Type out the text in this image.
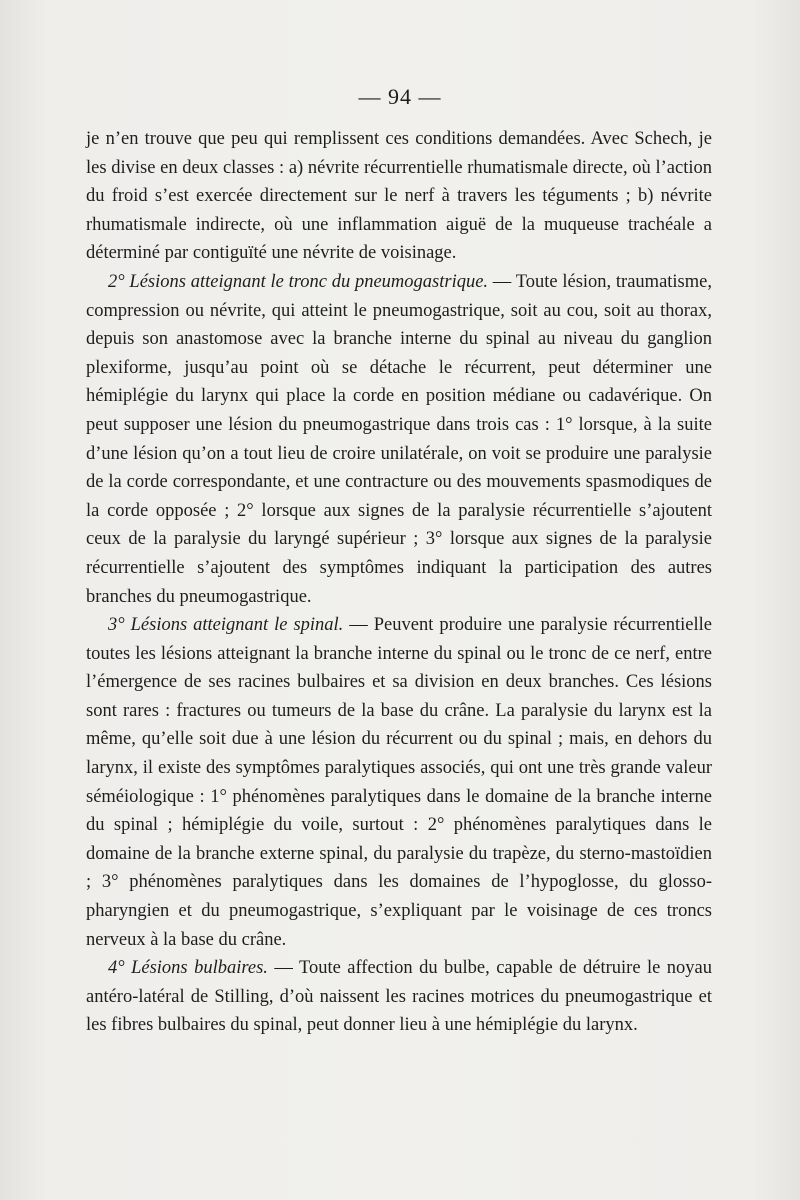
— 94 —

je n’en trouve que peu qui remplissent ces conditions demandées. Avec Schech, je les divise en deux classes : a) névrite récurrentielle rhumatismale directe, où l’action du froid s’est exercée directement sur le nerf à travers les téguments ; b) névrite rhumatismale indirecte, où une inflammation aiguë de la muqueuse trachéale a déterminé par contiguïté une névrite de voisinage.

2° Lésions atteignant le tronc du pneumogastrique. — Toute lésion, traumatisme, compression ou névrite, qui atteint le pneumogastrique, soit au cou, soit au thorax, depuis son anastomose avec la branche interne du spinal au niveau du ganglion plexiforme, jusqu’au point où se détache le récurrent, peut déterminer une hémiplégie du larynx qui place la corde en position médiane ou cadavérique. On peut supposer une lésion du pneumogastrique dans trois cas : 1° lorsque, à la suite d’une lésion qu’on a tout lieu de croire unilatérale, on voit se produire une paralysie de la corde correspondante, et une contracture ou des mouvements spasmodiques de la corde opposée ; 2° lorsque aux signes de la paralysie récurrentielle s’ajoutent ceux de la paralysie du laryngé supérieur ; 3° lorsque aux signes de la paralysie récurrentielle s’ajoutent des symptômes indiquant la participation des autres branches du pneumogastrique.

3° Lésions atteignant le spinal. — Peuvent produire une paralysie récurrentielle toutes les lésions atteignant la branche interne du spinal ou le tronc de ce nerf, entre l’émergence de ses racines bulbaires et sa division en deux branches. Ces lésions sont rares : fractures ou tumeurs de la base du crâne. La paralysie du larynx est la même, qu’elle soit due à une lésion du récurrent ou du spinal ; mais, en dehors du larynx, il existe des symptômes paralytiques associés, qui ont une très grande valeur séméiologique : 1° phénomènes paralytiques dans le domaine de la branche interne du spinal ; hémiplégie du voile, surtout : 2° phénomènes paralytiques dans le domaine de la branche externe spinal, du paralysie du trapèze, du sterno-mastoïdien ; 3° phénomènes paralytiques dans les domaines de l’hypoglosse, du glosso-pharyngien et du pneumogastrique, s’expliquant par le voisinage de ces troncs nerveux à la base du crâne.

4° Lésions bulbaires. — Toute affection du bulbe, capable de détruire le noyau antéro-latéral de Stilling, d’où naissent les racines motrices du pneumogastrique et les fibres bulbaires du spinal, peut donner lieu à une hémiplégie du larynx.
